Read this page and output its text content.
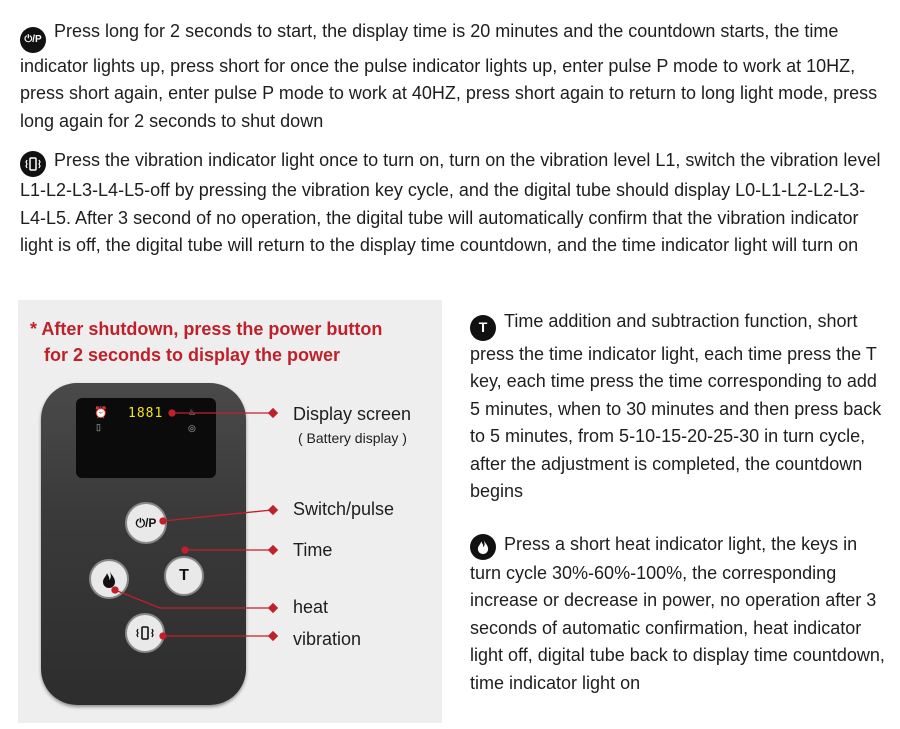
⏻/P Press long for 2 seconds to start, the display time is 20 minutes and the countdown starts, the time indicator lights up, press short for once the pulse indicator lights up, enter pulse P mode to work at 10HZ, press short again, enter pulse P mode to work at 40HZ, press short again to return to long light mode, press long again for 2 seconds to shut down
Press the vibration indicator light once to turn on, turn on the vibration level L1, switch the vibration level L1-L2-L3-L4-L5-off by pressing the vibration key cycle, and the digital tube should display L0-L1-L2-L2-L3-L4-L5. After 3 second of no operation, the digital tube will automatically confirm that the vibration indicator light is off, the digital tube will return to the display time countdown, and the time indicator light will turn on
* After shutdown, press the power button
for 2 seconds to display the power
⏰
▯
1881	♨
◎
⏻/P
T
Display screen
( Battery display )
Switch/pulse
Time
heat
vibration
T Time addition and subtraction function, short press the time indicator light, each time press the T key, each time press the time corresponding to add 5 minutes, when to 30 minutes and then press back to 5 minutes, from 5-10-15-20-25-30 in turn cycle, after the adjustment is completed, the countdown begins
Press a short heat indicator light, the keys in turn cycle 30%-60%-100%, the corresponding increase or decrease in power, no operation after 3 seconds of automatic confirmation, heat indicator light off, digital tube back to display time countdown, time indicator light on
